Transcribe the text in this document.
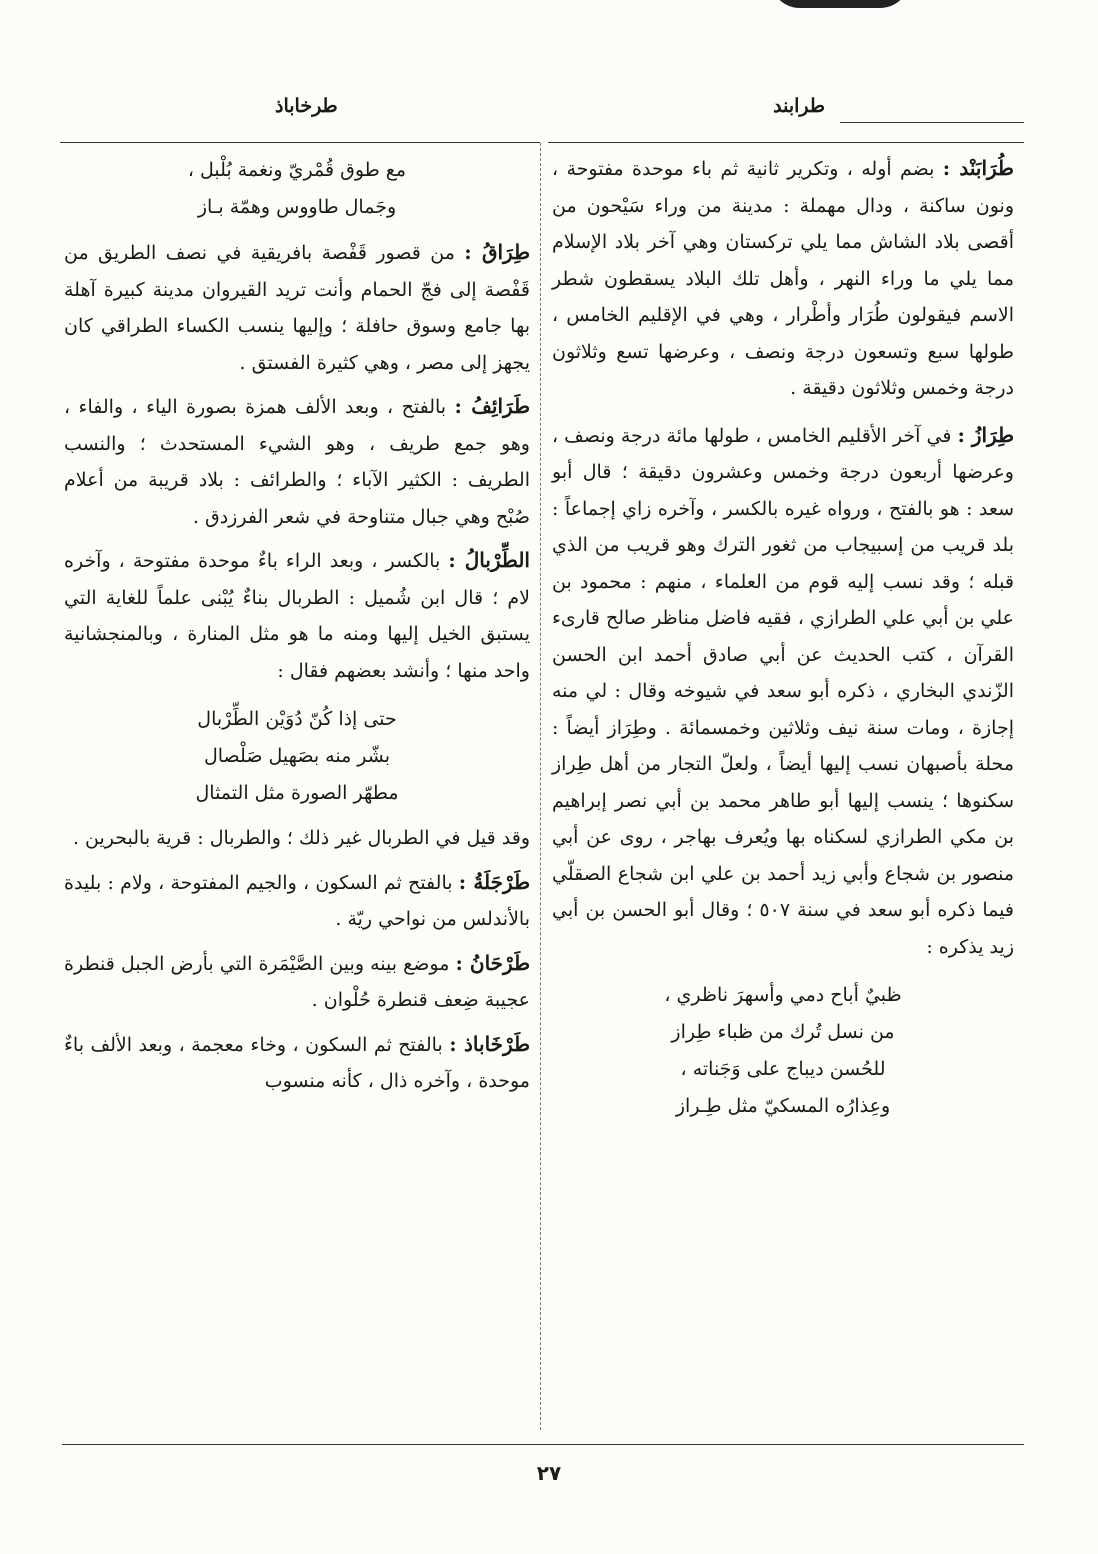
طرابند
طرخاباذ

طُرَابَنْد : بضم أوله ، وتكرير ثانية ثم باء موحدة مفتوحة ، ونون ساكنة ، ودال مهملة : مدينة من وراء سَيْحون من أقصى بلاد الشاش مما يلي تركستان وهي آخر بلاد الإسلام مما يلي ما وراء النهر ، وأهل تلك البلاد يسقطون شطر الاسم فيقولون طُرَار وأطْرار ، وهي في الإقليم الخامس ، طولها سبع وتسعون درجة ونصف ، وعرضها تسع وثلاثون درجة وخمس وثلاثون دقيقة .

طِرَازُ : في آخر الأقليم الخامس ، طولها مائة درجة ونصف ، وعرضها أربعون درجة وخمس وعشرون دقيقة ؛ قال أبو سعد : هو بالفتح ، ورواه غيره بالكسر ، وآخره زاي إجماعاً : بلد قريب من إسبيجاب من ثغور الترك وهو قريب من الذي قبله ؛ وقد نسب إليه قوم من العلماء ، منهم : محمود بن علي بن أبي علي الطرازي ، فقيه فاضل مناظر صالح قارىء القرآن ، كتب الحديث عن أبي صادق أحمد ابن الحسن الزّندي البخاري ، ذكره أبو سعد في شيوخه وقال : لي منه إجازة ، ومات سنة نيف وثلاثين وخمسمائة . وطِرَاز أيضاً : محلة بأصبهان نسب إليها أيضاً ، ولعلّ التجار من أهل طِراز سكنوها ؛ ينسب إليها أبو طاهر محمد بن أبي نصر إبراهيم بن مكي الطرازي لسكناه بها ويُعرف بهاجر ، روى عن أبي منصور بن شجاع وأبي زيد أحمد بن علي ابن شجاع الصقلّي فيما ذكره أبو سعد في سنة ٥٠٧ ؛ وقال أبو الحسن بن أبي زيد يذكره :

ظبيٌ أباح دمي وأسهرَ ناظري ،

من نسل تُرك من ظباء طِراز

للحُسن ديباج على وَجَناته ،

وعِذارُه المسكيّ مثل طِـراز

مع طوق قُمْريّ ونغمة بُلْبل ،

وجَمال طاووس وهمّة بـاز

طِرَاقُ : من قصور قَفْصة بافريقية في نصف الطريق من قَفْصة إلى فجّ الحمام وأنت تريد القيروان مدينة كبيرة آهلة بها جامع وسوق حافلة ؛ وإليها ينسب الكساء الطراقي كان يجهز إلى مصر ، وهي كثيرة الفستق .

طَرَائِفُ : بالفتح ، وبعد الألف همزة بصورة الياء ، والفاء ، وهو جمع طريف ، وهو الشيء المستحدث ؛ والنسب الطريف : الكثير الآباء ؛ والطرائف : بلاد قريبة من أعلام صُبْح وهي جبال متناوحة في شعر الفرزدق .

الطِّرْبالُ : بالكسر ، وبعد الراء باءٌ موحدة مفتوحة ، وآخره لام ؛ قال ابن شُميل : الطربال بناءٌ يُبْنى علماً للغاية التي يستبق الخيل إليها ومنه ما هو مثل المنارة ، وبالمنجشانية واحد منها ؛ وأنشد بعضهم فقال :

حتى إذا كُنّ دُوَيْن الطِّرْبال

بشّر منه بصَهيل صَلْصال

مطهّر الصورة مثل التمثال

وقد قيل في الطربال غير ذلك ؛ والطربال : قرية بالبحرين .

طَرْجَلَةُ : بالفتح ثم السكون ، والجيم المفتوحة ، ولام : بليدة بالأندلس من نواحي ريّة .

طَرْحَانُ : موضع بينه وبين الصَّيْمَرة التي بأرض الجبل قنطرة عجيبة ضِعف قنطرة حُلْوان .

طَرْخَاباذ : بالفتح ثم السكون ، وخاء معجمة ، وبعد الألف باءٌ موحدة ، وآخره ذال ، كأنه منسوب

٢٧
